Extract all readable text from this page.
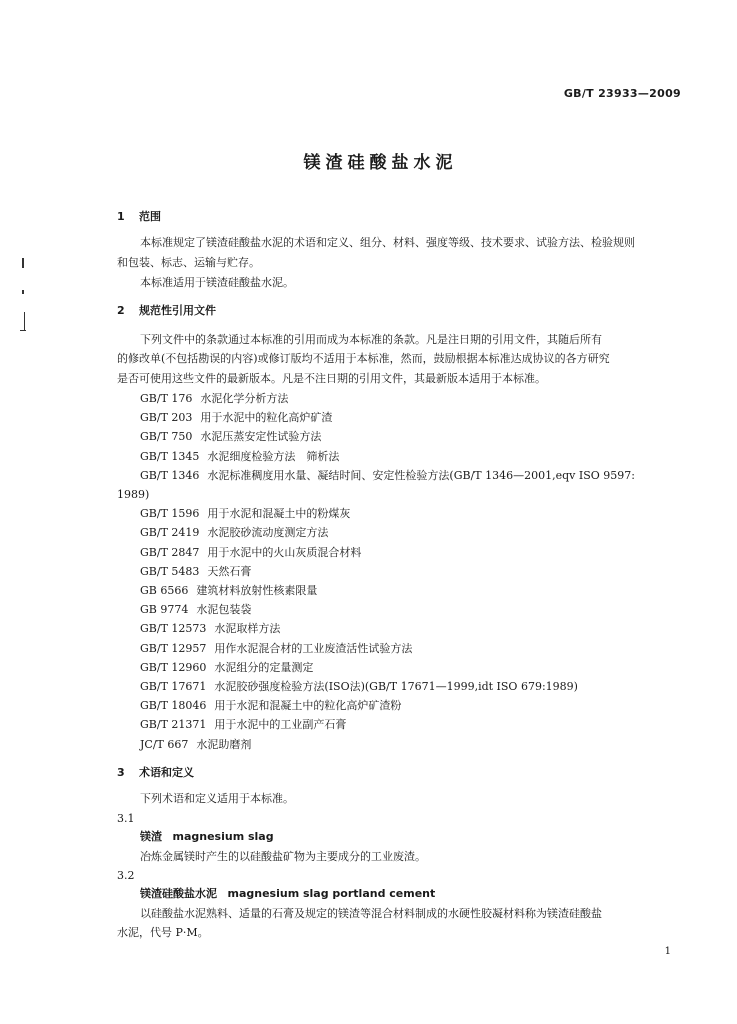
GB/T 23933—2009
镁渣硅酸盐水泥
1 范围
本标准规定了镁渣硅酸盐水泥的术语和定义、组分、材料、强度等级、技术要求、试验方法、检验规则
和包装、标志、运输与贮存。
本标准适用于镁渣硅酸盐水泥。
2 规范性引用文件
下列文件中的条款通过本标准的引用而成为本标准的条款。凡是注日期的引用文件，其随后所有
的修改单(不包括勘误的内容)或修订版均不适用于本标准，然而，鼓励根据本标准达成协议的各方研究
是否可使用这些文件的最新版本。凡是不注日期的引用文件，其最新版本适用于本标准。
GB/T 176 水泥化学分析方法
GB/T 203 用于水泥中的粒化高炉矿渣
GB/T 750 水泥压蒸安定性试验方法
GB/T 1345 水泥细度检验方法　筛析法
GB/T 1346 水泥标准稠度用水量、凝结时间、安定性检验方法(GB/T 1346—2001,eqv ISO 9597:
1989)
GB/T 1596 用于水泥和混凝土中的粉煤灰
GB/T 2419 水泥胶砂流动度测定方法
GB/T 2847 用于水泥中的火山灰质混合材料
GB/T 5483 天然石膏
GB 6566 建筑材料放射性核素限量
GB 9774 水泥包装袋
GB/T 12573 水泥取样方法
GB/T 12957 用作水泥混合材的工业废渣活性试验方法
GB/T 12960 水泥组分的定量测定
GB/T 17671 水泥胶砂强度检验方法(ISO法)(GB/T 17671—1999,idt ISO 679:1989)
GB/T 18046 用于水泥和混凝土中的粒化高炉矿渣粉
GB/T 21371 用于水泥中的工业副产石膏
JC/T 667 水泥助磨剂
3 术语和定义
下列术语和定义适用于本标准。
3.1
镁渣 magnesium slag
冶炼金属镁时产生的以硅酸盐矿物为主要成分的工业废渣。
3.2
镁渣硅酸盐水泥 magnesium slag portland cement
以硅酸盐水泥熟料、适量的石膏及规定的镁渣等混合材料制成的水硬性胶凝材料称为镁渣硅酸盐
水泥，代号 P·M。
1
